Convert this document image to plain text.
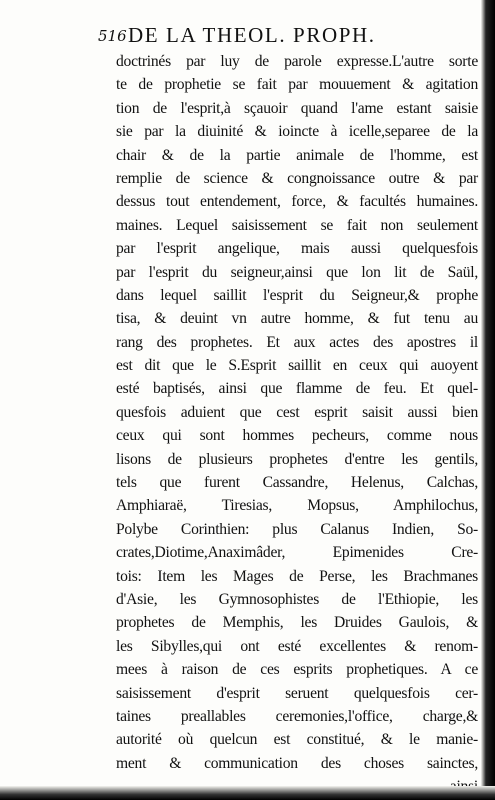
516 DE LA THEOL. PROPH.
doctrinés par luy de parole expresse.L'autre sorte
te de prophetie se fait par mouuement & agitation
tion de l'esprit,à sçauoir quand l'ame estant saisie
sie par la diuinité & ioincte à icelle,separee de la
chair & de la partie animale de l'homme, est
remplie de science & congnoissance outre & par
dessus tout entendement, force, & facultés humaines.
maines. Lequel saisissement se fait non seulement
par l'esprit angelique, mais aussi quelquesfois
par l'esprit du seigneur,ainsi que lon lit de Saül,
dans lequel saillit l'esprit du Seigneur,& prophe
tisa, & deuint vn autre homme, & fut tenu au
rang des prophetes. Et aux actes des apostres il
est dit que le S.Esprit saillit en ceux qui auoyent
esté baptisés, ainsi que flamme de feu. Et quel-
quesfois aduient que cest esprit saisit aussi bien
ceux qui sont hommes pecheurs, comme nous
lisons de plusieurs prophetes d'entre les gentils,
tels que furent Cassandre, Helenus, Calchas,
Amphiaraë, Tiresias, Mopsus, Amphilochus,
Polybe Corinthien: plus Calanus Indien, So-
crates,Diotime,Anaximâder, Epimenides Cre-
tois: Item les Mages de Perse, les Brachmanes
d'Asie, les Gymnosophistes de l'Ethiopie, les
prophetes de Memphis, les Druides Gaulois, &
les Sibylles,qui ont esté excellentes & renom-
mees à raison de ces esprits prophetiques. A ce
saisissement d'esprit seruent quelquesfois cer-
taines preallables ceremonies,l'office, charge,&
autorité où quelcun est constitué, & le manie-
ment & communication des choses sainctes,
